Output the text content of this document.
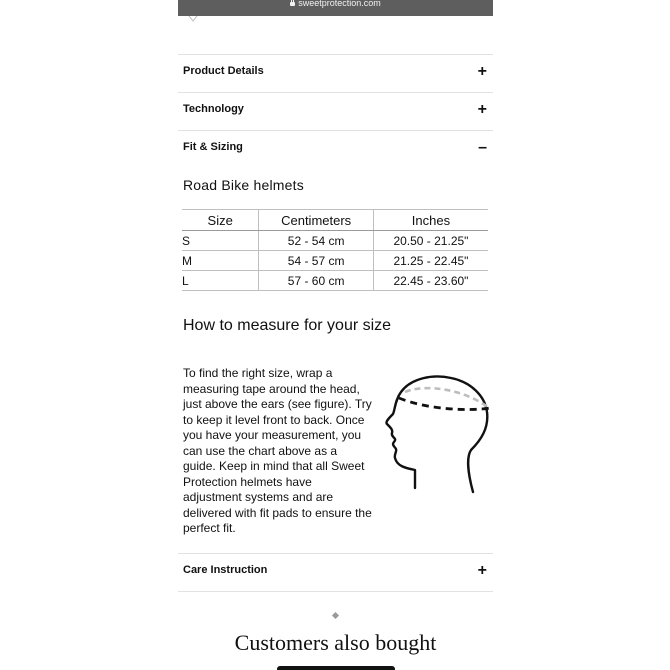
sweetprotection.com
Product Details	+
Technology	+
Fit & Sizing	–
Road Bike helmets
Size	Centimeters	Inches
S	52 - 54 cm	20.50 - 21.25"
M	54 - 57 cm	21.25 - 22.45"
L	57 - 60 cm	22.45 - 23.60"
How to measure for your size
To find the right size, wrap a measuring tape around the head, just above the ears (see figure). Try to keep it level front to back. Once you have your measurement, you can use the chart above as a guide. Keep in mind that all Sweet Protection helmets have adjustment systems and are delivered with fit pads to ensure the perfect fit.
Care Instruction	+
Customers also bought
